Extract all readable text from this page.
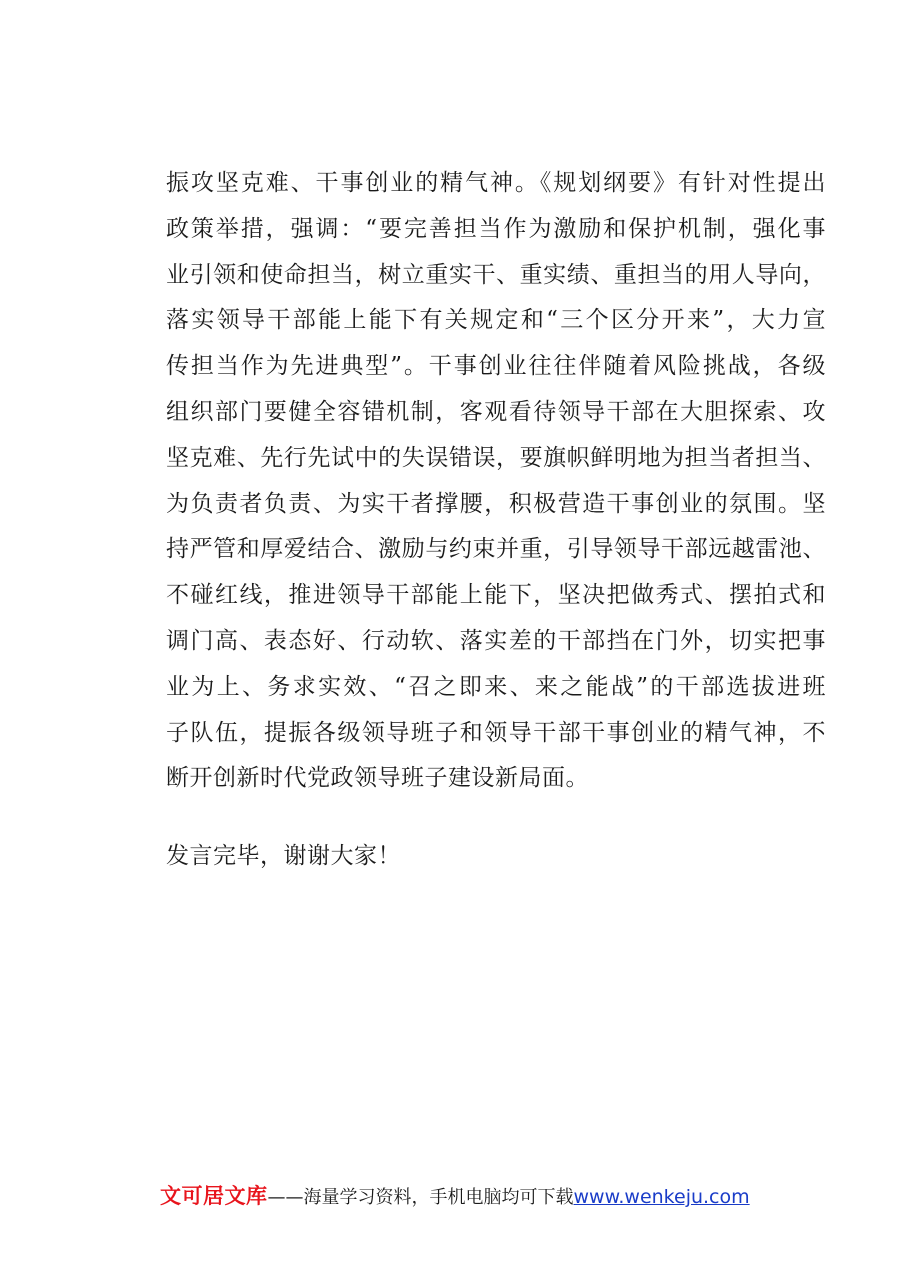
振攻坚克难、干事创业的精气神。《规划纲要》有针对性提出
政策举措，强调：“要完善担当作为激励和保护机制，强化事
业引领和使命担当，树立重实干、重实绩、重担当的用人导向，
落实领导干部能上能下有关规定和“三个区分开来”，大力宣
传担当作为先进典型”。干事创业往往伴随着风险挑战，各级
组织部门要健全容错机制，客观看待领导干部在大胆探索、攻
坚克难、先行先试中的失误错误，要旗帜鲜明地为担当者担当、
为负责者负责、为实干者撑腰，积极营造干事创业的氛围。坚
持严管和厚爱结合、激励与约束并重，引导领导干部远越雷池、
不碰红线，推进领导干部能上能下，坚决把做秀式、摆拍式和
调门高、表态好、行动软、落实差的干部挡在门外，切实把事
业为上、务求实效、“召之即来、来之能战”的干部选拔进班
子队伍，提振各级领导班子和领导干部干事创业的精气神，不
断开创新时代党政领导班子建设新局面。
发言完毕，谢谢大家！
文可居文库——海量学习资料，手机电脑均可下载www.wenkeju.com
